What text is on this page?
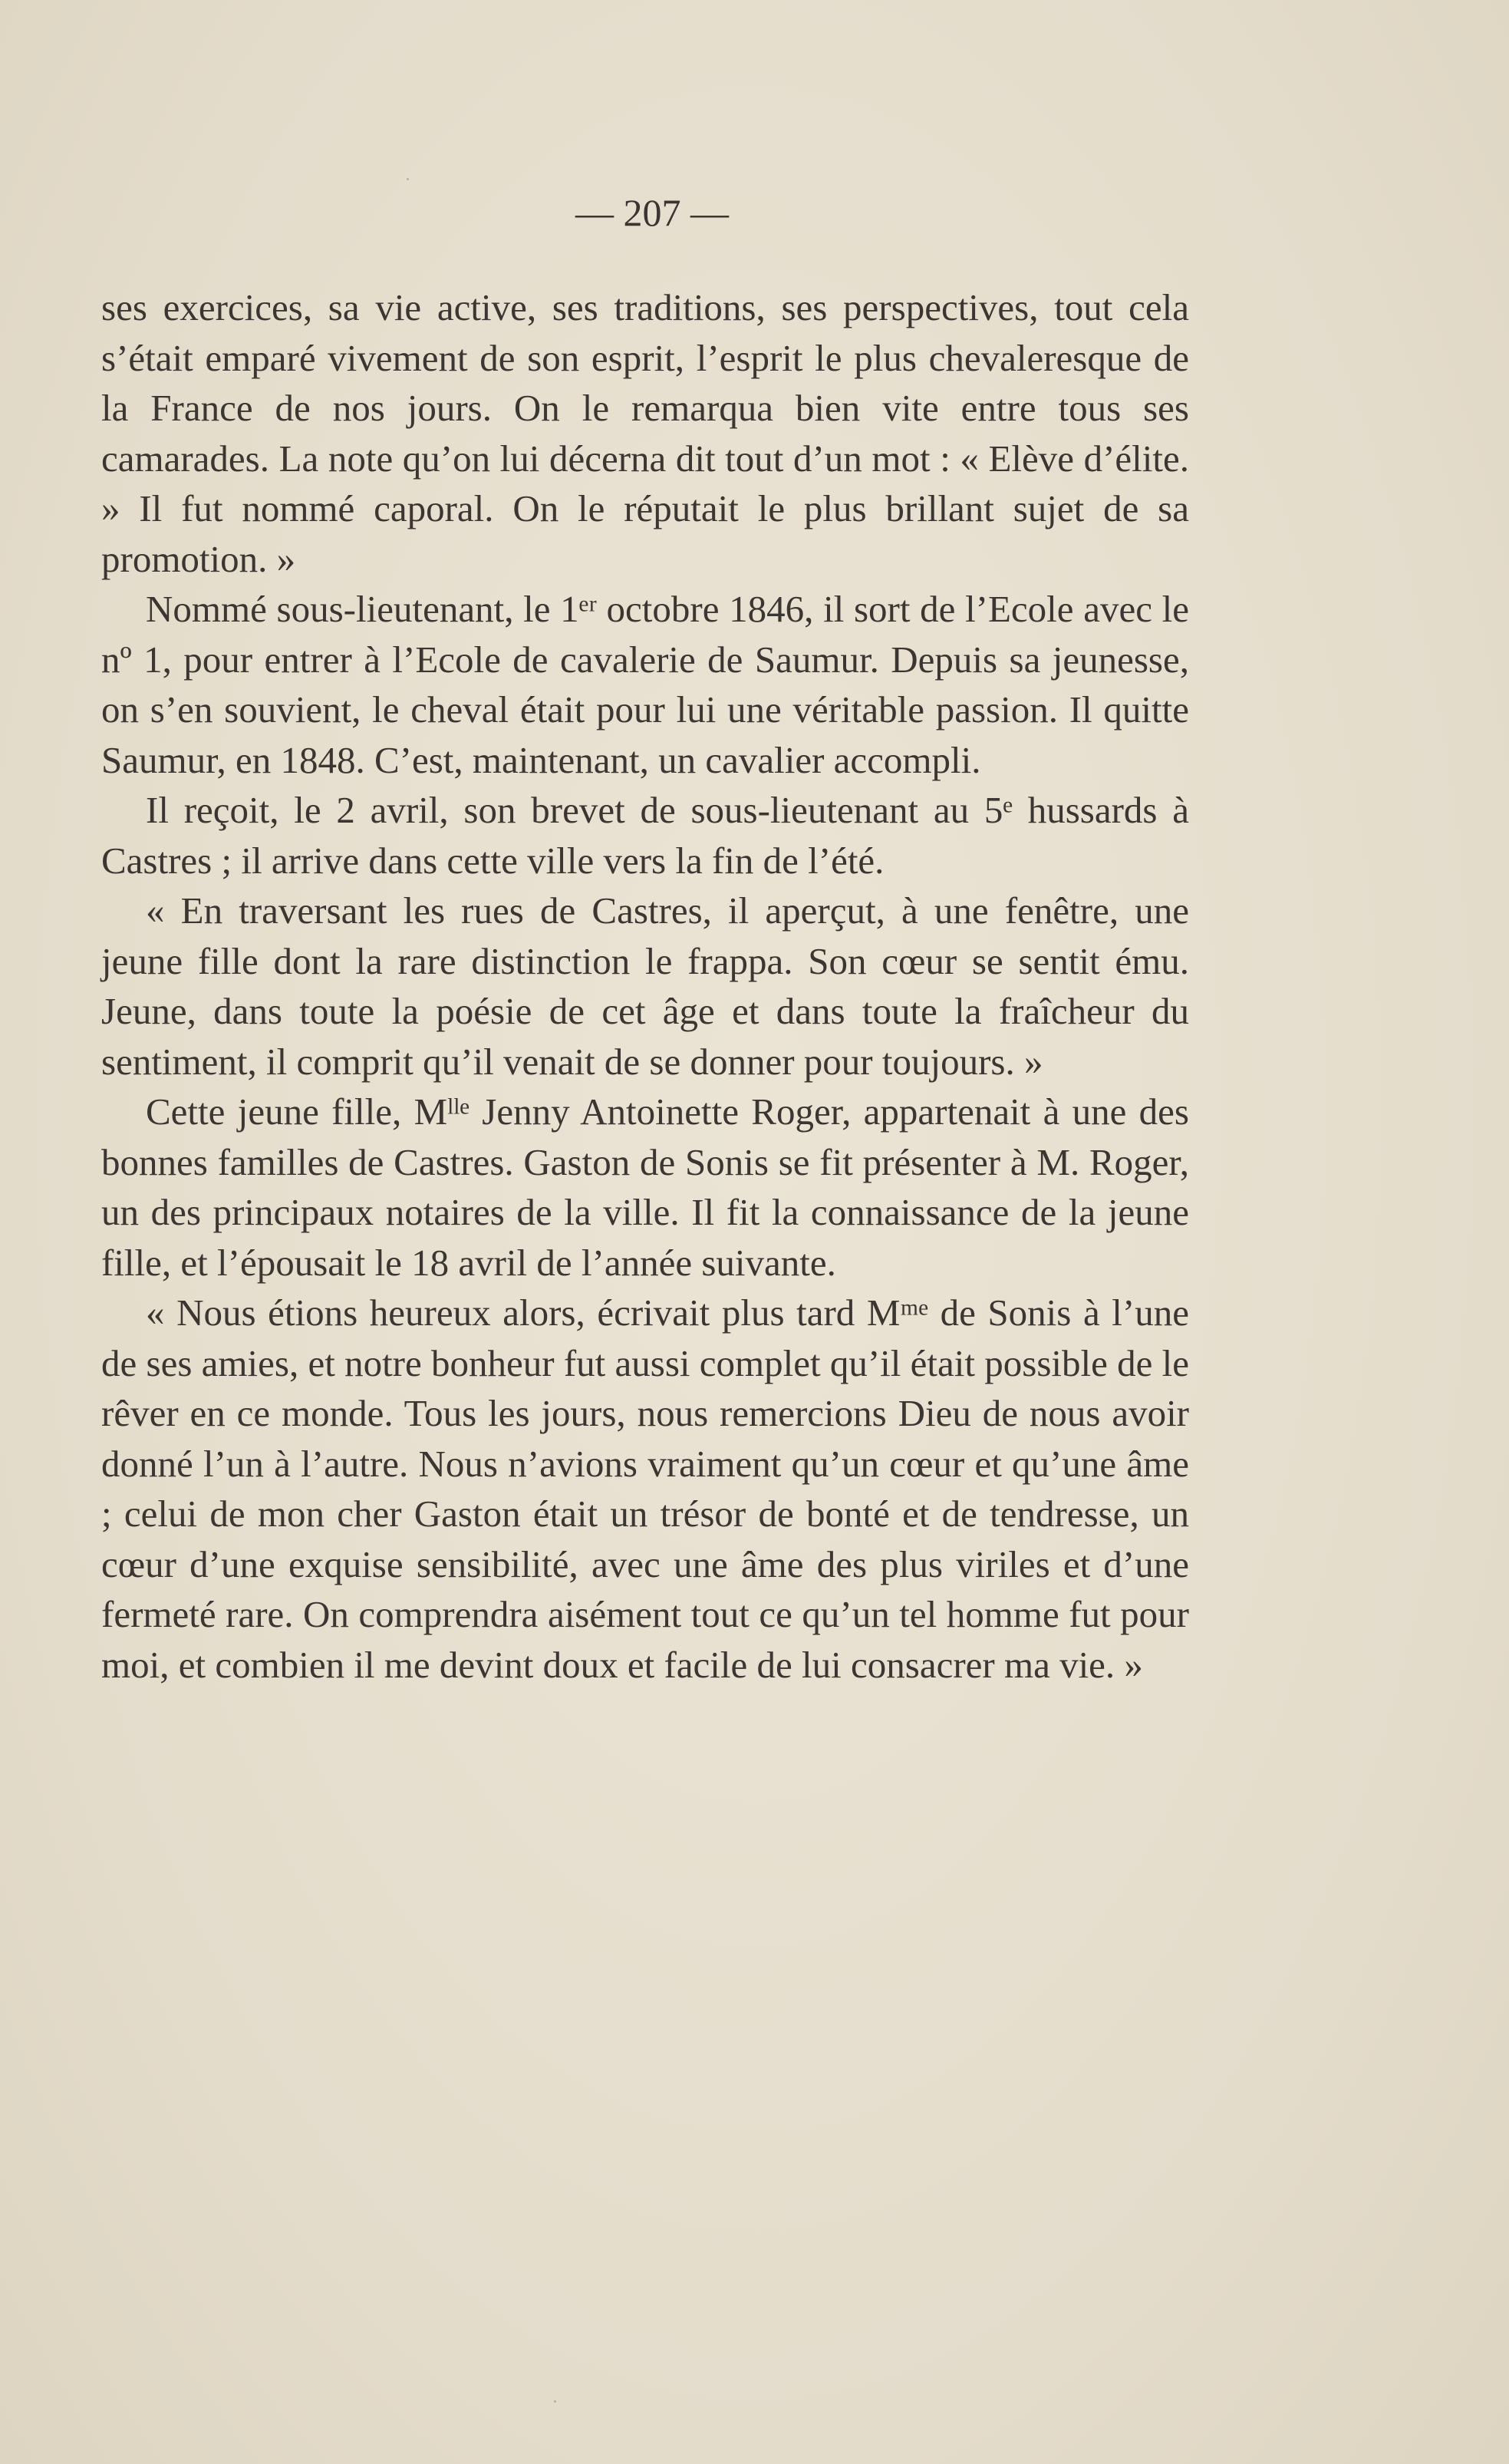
— 207 —

ses exercices, sa vie active, ses traditions, ses perspectives, tout cela s’était emparé vivement de son esprit, l’esprit le plus chevaleresque de la France de nos jours. On le remarqua bien vite entre tous ses camarades. La note qu’on lui décerna dit tout d’un mot : « Elève d’élite. » Il fut nommé caporal. On le réputait le plus brillant sujet de sa promotion. »

Nommé sous-lieutenant, le 1ᵉʳ octobre 1846, il sort de l’Ecole avec le nº 1, pour entrer à l’Ecole de cavalerie de Saumur. Depuis sa jeunesse, on s’en souvient, le cheval était pour lui une véritable passion. Il quitte Saumur, en 1848. C’est, maintenant, un cavalier accompli.

Il reçoit, le 2 avril, son brevet de sous-lieutenant au 5ᵉ hussards à Castres ; il arrive dans cette ville vers la fin de l’été.

« En traversant les rues de Castres, il aperçut, à une fenêtre, une jeune fille dont la rare distinction le frappa. Son cœur se sentit ému. Jeune, dans toute la poésie de cet âge et dans toute la fraîcheur du sentiment, il comprit qu’il venait de se donner pour toujours. »

Cette jeune fille, Mˡˡᵉ Jenny Antoinette Roger, appartenait à une des bonnes familles de Castres. Gaston de Sonis se fit présenter à M. Roger, un des principaux notaires de la ville. Il fit la connaissance de la jeune fille, et l’épousait le 18 avril de l’année suivante.

« Nous étions heureux alors, écrivait plus tard Mᵐᵉ de Sonis à l’une de ses amies, et notre bonheur fut aussi complet qu’il était possible de le rêver en ce monde. Tous les jours, nous remercions Dieu de nous avoir donné l’un à l’autre. Nous n’avions vraiment qu’un cœur et qu’une âme ; celui de mon cher Gaston était un trésor de bonté et de tendresse, un cœur d’une exquise sensibilité, avec une âme des plus viriles et d’une fermeté rare. On comprendra aisément tout ce qu’un tel homme fut pour moi, et combien il me devint doux et facile de lui consacrer ma vie. »
